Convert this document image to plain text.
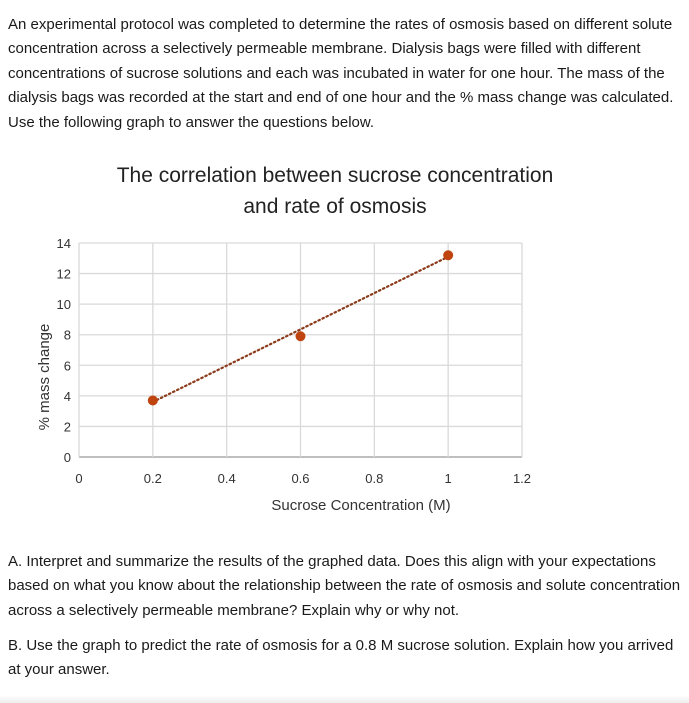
An experimental protocol was completed to determine the rates of osmosis based on different solute concentration across a selectively permeable membrane. Dialysis bags were filled with different concentrations of sucrose solutions and each was incubated in water for one hour. The mass of the dialysis bags was recorded at the start and end of one hour and the % mass change was calculated. Use the following graph to answer the questions below.

The correlation between sucrose concentration
and rate of osmosis
0
2
4
6
8
10
12
14
0	0.2	0.4	0.6	0.8	1	1.2
Sucrose Concentration (M)
% mass change

A. Interpret and summarize the results of the graphed data. Does this align with your expectations based on what you know about the relationship between the rate of osmosis and solute concentration across a selectively permeable membrane? Explain why or why not.

B. Use the graph to predict the rate of osmosis for a 0.8 M sucrose solution. Explain how you arrived at your answer.
